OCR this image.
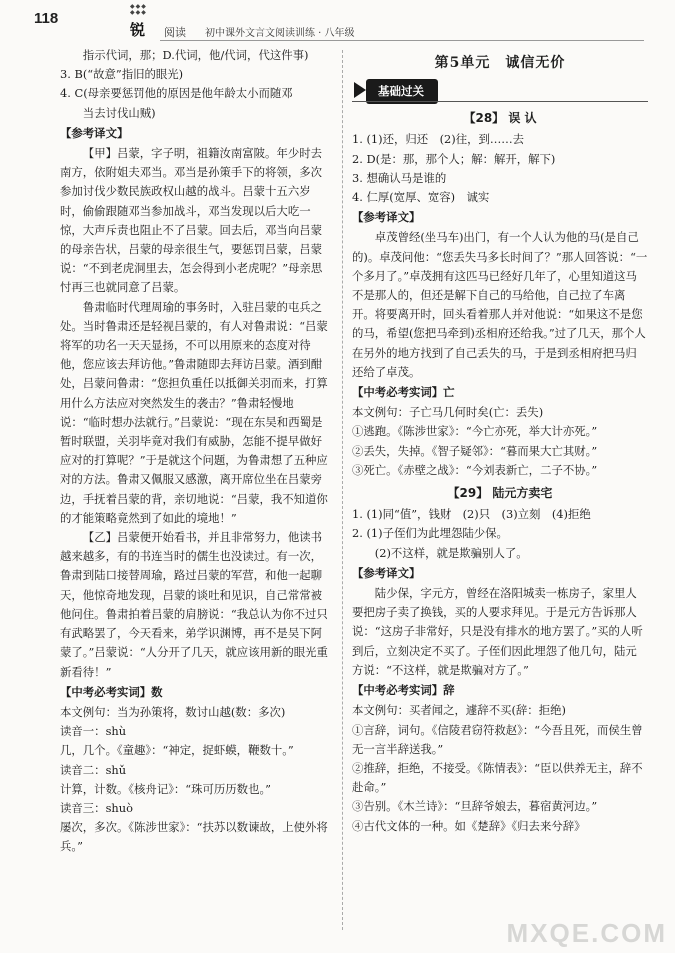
118
◆◆◆
◆◆◆
锐	阅读 初中课外文言文阅读训练 · 八年级

指示代词，那；D.代词，他/代词，代这件事)

3. B(“故意”指旧的眼光)

4. C(母亲要惩罚他的原因是他年龄太小而随邓

当去讨伐山贼)

【参考译文】

【甲】吕蒙，字子明，祖籍汝南富陂。年少时去南方，依附姐夫邓当。邓当是孙策手下的将领，多次参加讨伐少数民族政权山越的战斗。吕蒙十五六岁时，偷偷跟随邓当参加战斗，邓当发现以后大吃一惊，大声斥责也阻止不了吕蒙。回去后，邓当向吕蒙的母亲告状，吕蒙的母亲很生气，要惩罚吕蒙，吕蒙说：“不到老虎洞里去，怎会得到小老虎呢？”母亲思忖再三也就同意了吕蒙。

鲁肃临时代理周瑜的事务时，入驻吕蒙的屯兵之处。当时鲁肃还是轻视吕蒙的，有人对鲁肃说：“吕蒙将军的功名一天天显扬，不可以用原来的态度对待他，您应该去拜访他。”鲁肃随即去拜访吕蒙。酒到酣处，吕蒙问鲁肃：“您担负重任以抵御关羽而来，打算用什么方法应对突然发生的袭击？”鲁肃轻慢地说：“临时想办法就行。”吕蒙说：“现在东吴和西蜀是暂时联盟，关羽毕竟对我们有威胁，怎能不提早做好应对的打算呢？”于是就这个问题，为鲁肃想了五种应对的方法。鲁肃又佩服又感激，离开席位坐在吕蒙旁边，手抚着吕蒙的背，亲切地说：“吕蒙，我不知道你的才能策略竟然到了如此的境地！”

【乙】吕蒙便开始看书，并且非常努力，他读书越来越多，有的书连当时的儒生也没读过。有一次，鲁肃到陆口接替周瑜，路过吕蒙的军营，和他一起聊天，他惊奇地发现，吕蒙的谈吐和见识，自己常常被他问住。鲁肃拍着吕蒙的肩膀说：“我总认为你不过只有武略罢了，今天看来，弟学识渊博，再不是吴下阿蒙了。”吕蒙说：“人分开了几天，就应该用新的眼光重新看待！”

【中考必考实词】数

本文例句：当为孙策将，数讨山越(数：多次)

读音一：shù

几，几个。《童趣》：“神定，捉虾蟆，鞭数十。”

读音二：shǔ

计算，计数。《核舟记》：“珠可历历数也。”

读音三：shuò

屡次，多次。《陈涉世家》：“扶苏以数谏故，上使外将兵。”

第5单元　诚信无价

基础过关

【28】 误 认

1. (1)还，归还　(2)往，到……去

2. D(是：那，那个人；解：解开，解下)

3. 想确认马是谁的

4. 仁厚(宽厚、宽容)　诚实

【参考译文】

卓茂曾经(坐马车)出门，有一个人认为他的马(是自己的)。卓茂问他：“您丢失马多长时间了？”那人回答说：“一个多月了。”卓茂拥有这匹马已经好几年了，心里知道这马不是那人的，但还是解下自己的马给他，自己拉了车离开。将要离开时，回头看着那人并对他说：“如果这不是您的马，希望(您把马牵到)丞相府还给我。”过了几天，那个人在另外的地方找到了自己丢失的马，于是到丞相府把马归还给了卓茂。

【中考必考实词】亡

本文例句：子亡马几何时矣(亡：丢失)

①逃跑。《陈涉世家》：“今亡亦死，举大计亦死。”

②丢失，失掉。《智子疑邻》：“暮而果大亡其财。”

③死亡。《赤壁之战》：“今刘表新亡，二子不协。”

【29】 陆元方卖宅

1. (1)同“值”，钱财　(2)只　(3)立刻　(4)拒绝

2. (1)子侄们为此埋怨陆少保。

(2)不这样，就是欺骗别人了。

【参考译文】

陆少保，字元方，曾经在洛阳城卖一栋房子，家里人要把房子卖了换钱，买的人要求拜见。于是元方告诉那人说：“这房子非常好，只是没有排水的地方罢了。”买的人听到后，立刻决定不买了。子侄们因此埋怨了他几句，陆元方说：“不这样，就是欺骗对方了。”

【中考必考实词】辞

本文例句：买者闻之，遽辞不买(辞：拒绝)

①言辞，词句。《信陵君窃符救赵》：“今吾且死，而侯生曾无一言半辞送我。”

②推辞，拒绝，不接受。《陈情表》：“臣以供养无主，辞不赴命。”

③告别。《木兰诗》：“旦辞爷娘去，暮宿黄河边。”

④古代文体的一种。如《楚辞》《归去来兮辞》

MXQE.COM
